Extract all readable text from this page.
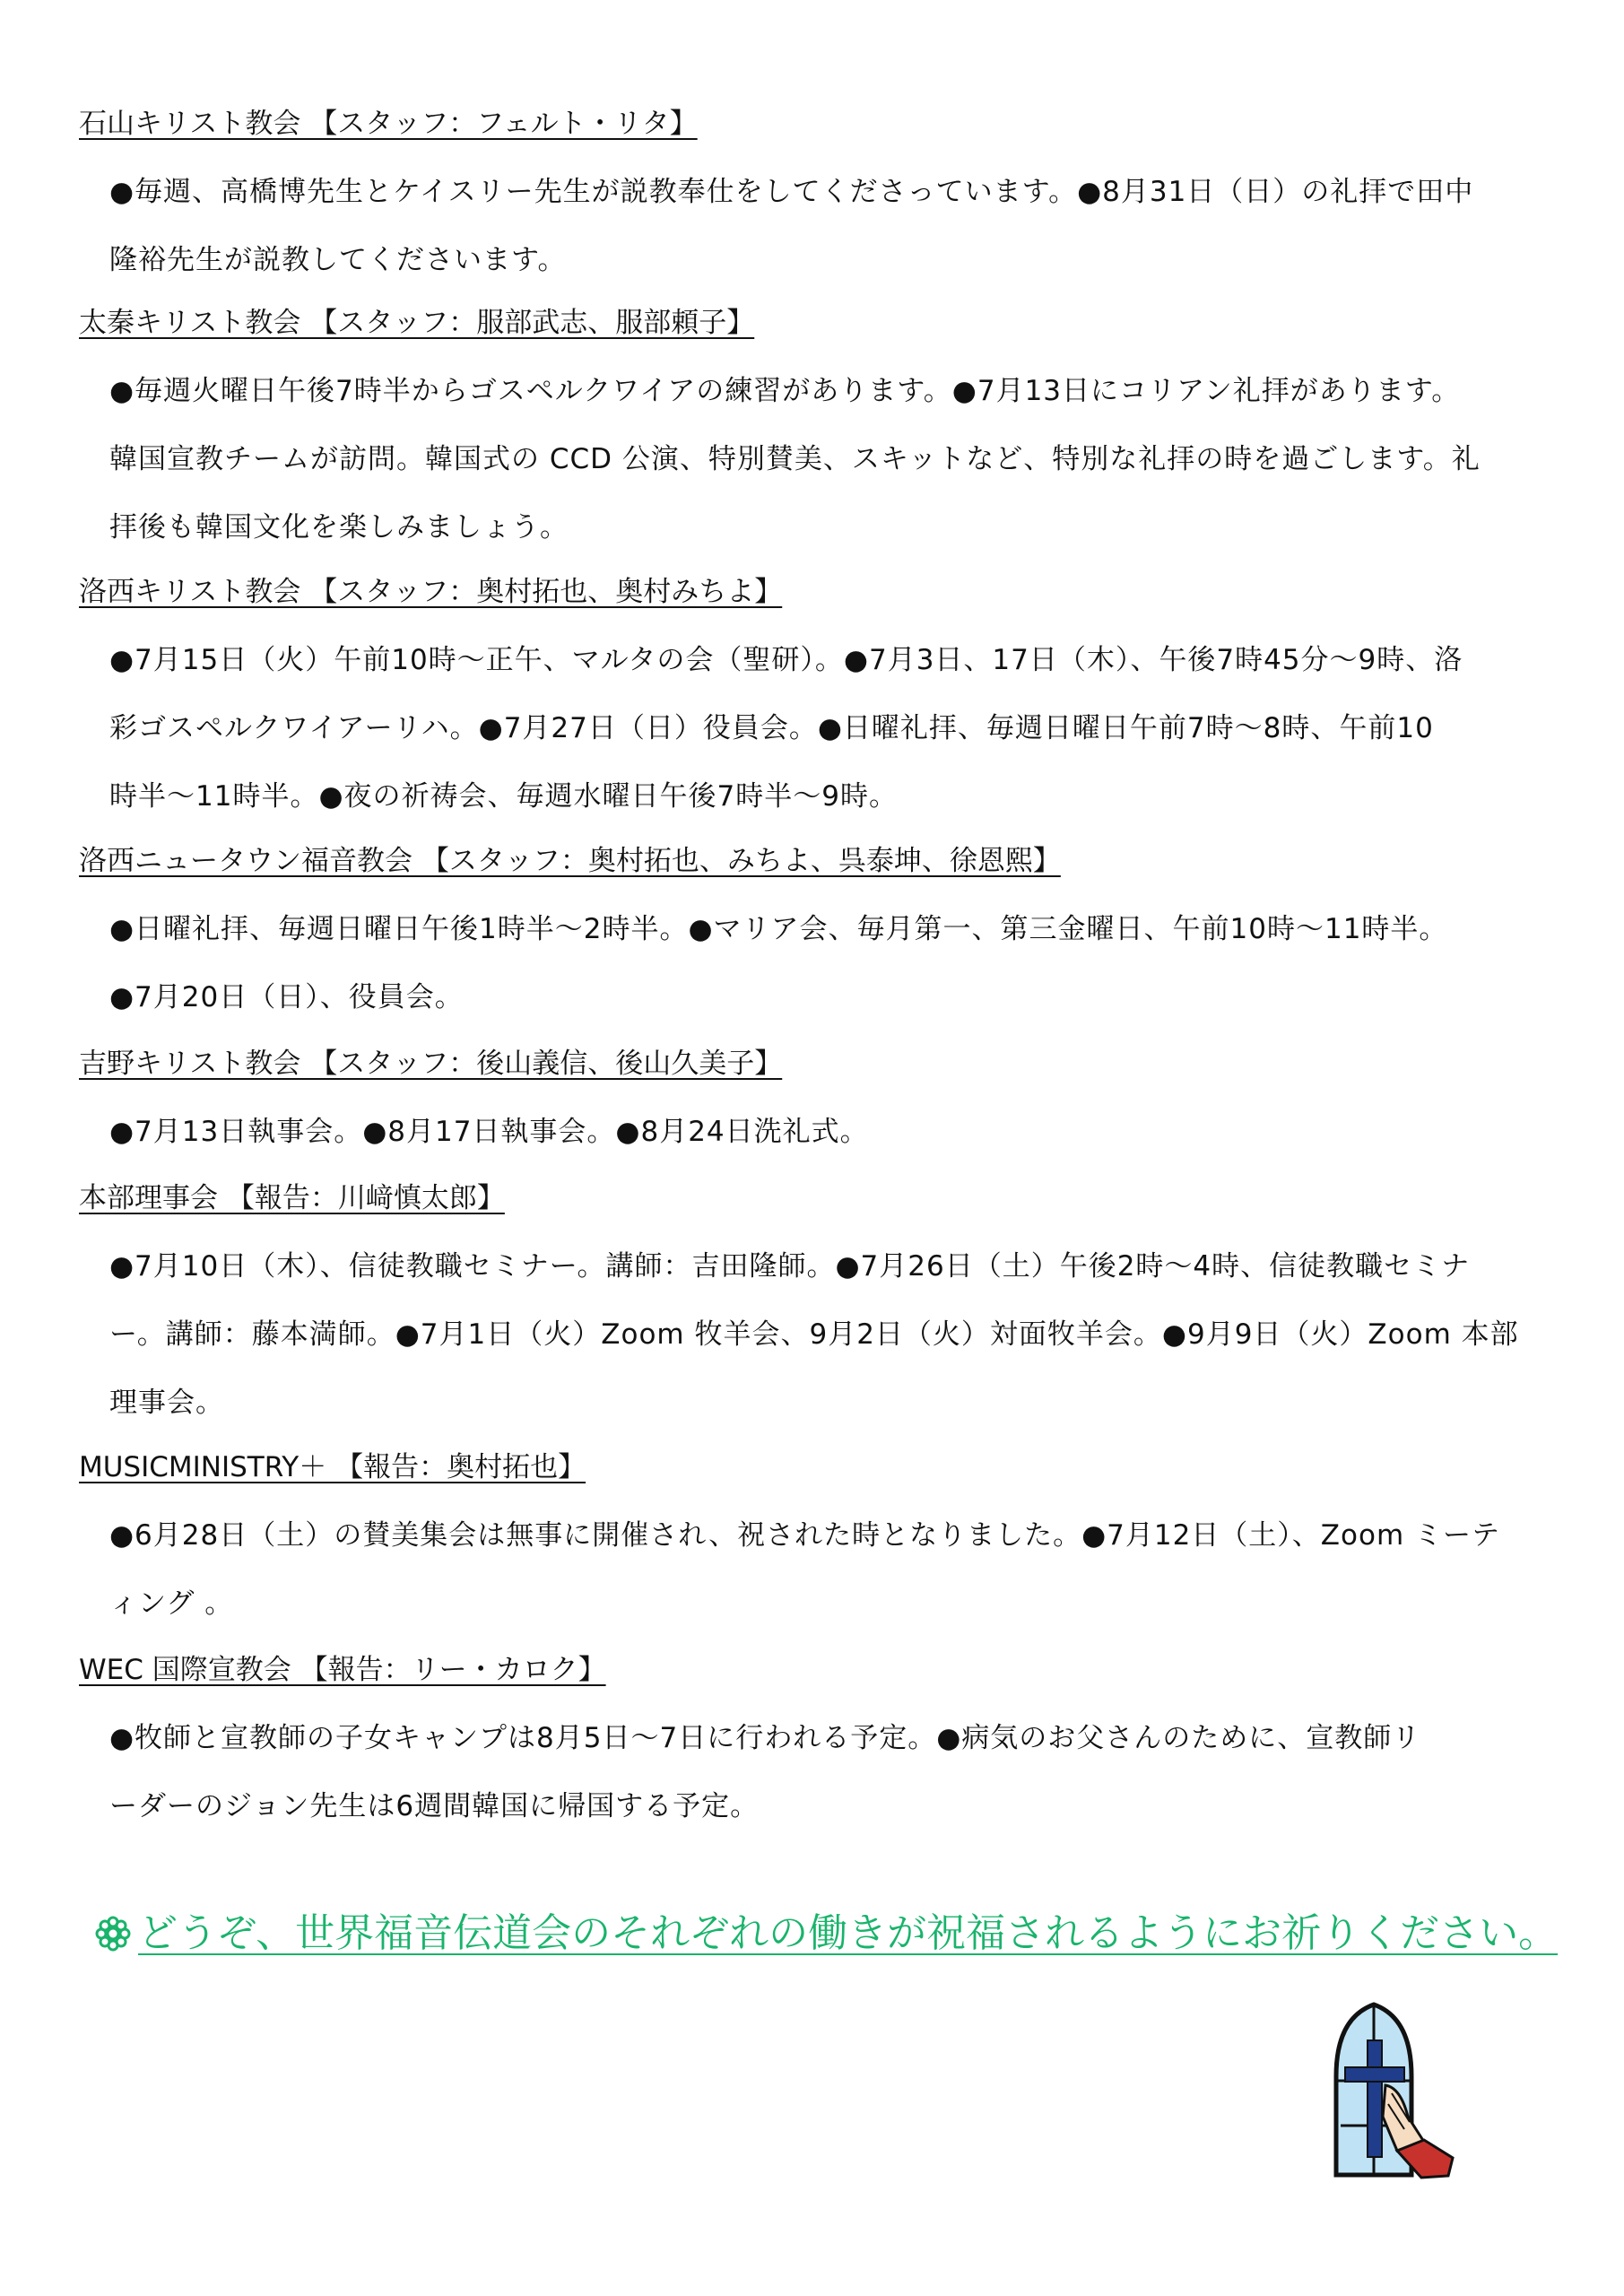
石山キリスト教会 【スタッフ：フェルト・リタ】
●毎週、高橋博先生とケイスリー先生が説教奉仕をしてくださっています。●8月31日（日）の礼拝で田中
隆裕先生が説教してくださいます。
太秦キリスト教会 【スタッフ：服部武志、服部頼子】
●毎週火曜日午後7時半からゴスペルクワイアの練習があります。●7月13日にコリアン礼拝があります。
韓国宣教チームが訪問。韓国式の CCD 公演、特別賛美、スキットなど、特別な礼拝の時を過ごします。礼
拝後も韓国文化を楽しみましょう。
洛西キリスト教会 【スタッフ：奥村拓也、奥村みちよ】
●7月15日（火）午前10時～正午、マルタの会（聖研）。●7月3日、17日（木）、午後7時45分～9時、洛
彩ゴスペルクワイアーリハ。●7月27日（日）役員会。●日曜礼拝、毎週日曜日午前7時～8時、午前10
時半～11時半。●夜の祈祷会、毎週水曜日午後7時半～9時。
洛西ニュータウン福音教会 【スタッフ：奥村拓也、みちよ、呉泰坤、徐恩熙】
●日曜礼拝、毎週日曜日午後1時半～2時半。●マリア会、毎月第一、第三金曜日、午前10時～11時半。
●7月20日（日）、役員会。
吉野キリスト教会 【スタッフ：後山義信、後山久美子】
●7月13日執事会。●8月17日執事会。●8月24日洗礼式。
本部理事会 【報告：川﨑慎太郎】
●7月10日（木）、信徒教職セミナー。講師：吉田隆師。●7月26日（土）午後2時～4時、信徒教職セミナ
ー。講師：藤本満師。●7月1日（火）Zoom 牧羊会、9月2日（火）対面牧羊会。●9月9日（火）Zoom 本部
理事会。
MUSICMINISTRY＋ 【報告：奥村拓也】
●6月28日（土）の賛美集会は無事に開催され、祝された時となりました。●7月12日（土）、Zoom ミーテ
ィング 。
WEC 国際宣教会 【報告：リー・カロク】
●牧師と宣教師の子女キャンプは8月5日～7日に行われる予定。●病気のお父さんのために、宣教師リ
ーダーのジョン先生は6週間韓国に帰国する予定。
どうぞ、世界福音伝道会のそれぞれの働きが祝福されるようにお祈りください。
